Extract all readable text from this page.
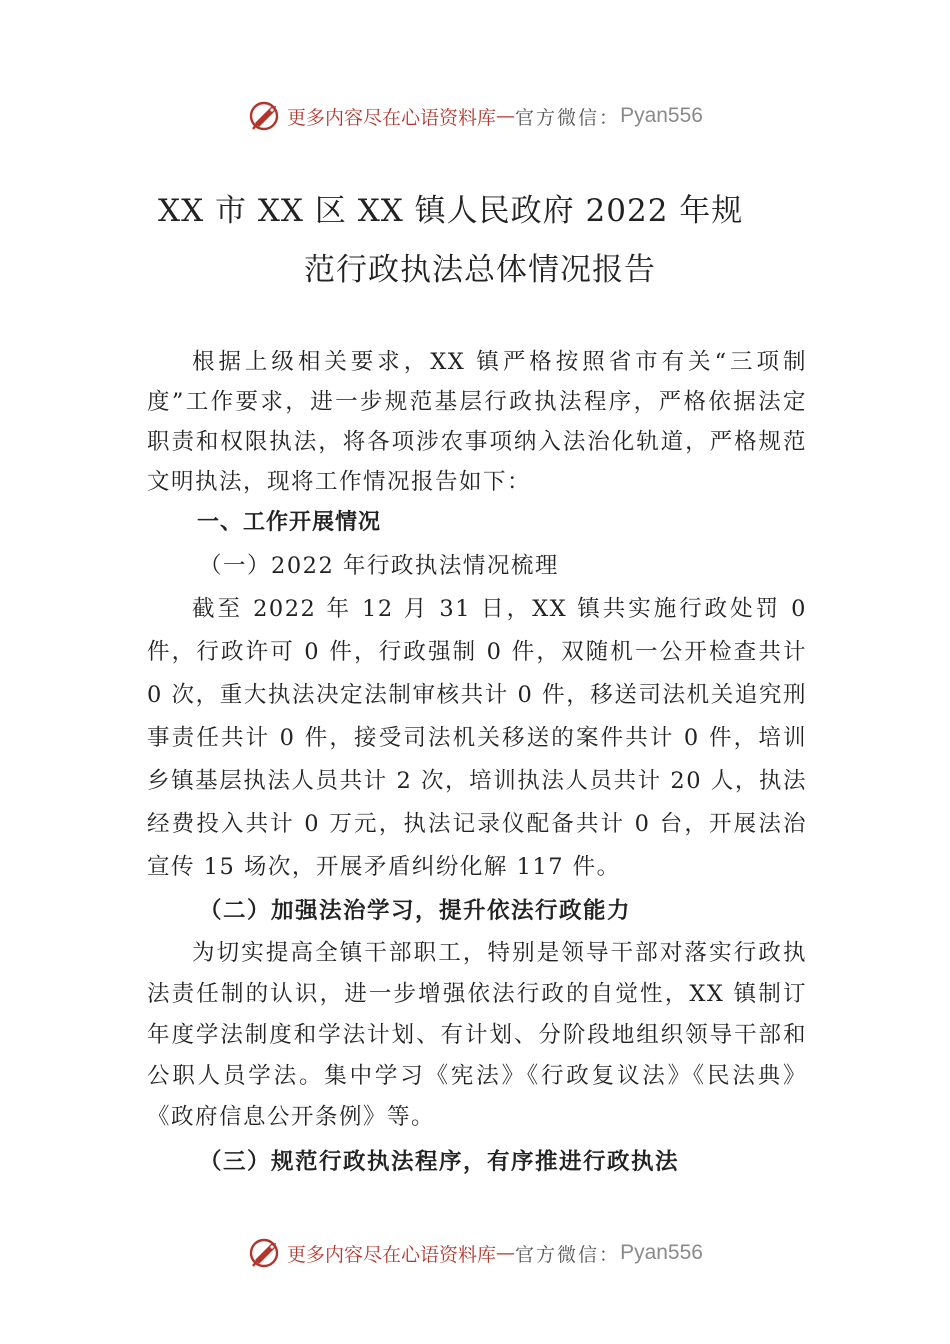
更多内容尽在心语资料库 — 官方微信： Pyan556
XX 市 XX 区 XX 镇人民政府 2022 年规
范行政执法总体情况报告

根据上级相关要求，XX 镇严格按照省市有关“三项制度”工作要求，进一步规范基层行政执法程序，严格依据法定职责和权限执法，将各项涉农事项纳入法治化轨道，严格规范文明执法，现将工作情况报告如下：

一、工作开展情况
（一）2022 年行政执法情况梳理

截至 2022 年 12 月 31 日，XX 镇共实施行政处罚 0 件，行政许可 0 件，行政强制 0 件，双随机一公开检查共计 0 次，重大执法决定法制审核共计 0 件，移送司法机关追究刑事责任共计 0 件，接受司法机关移送的案件共计 0 件，培训乡镇基层执法人员共计 2 次，培训执法人员共计 20 人，执法经费投入共计 0 万元，执法记录仪配备共计 0 台，开展法治宣传 15 场次，开展矛盾纠纷化解 117 件。

（二）加强法治学习，提升依法行政能力

为切实提高全镇干部职工，特别是领导干部对落实行政执法责任制的认识，进一步增强依法行政的自觉性，XX 镇制订年度学法制度和学法计划、有计划、分阶段地组织领导干部和公职人员学法。集中学习《宪法》《行政复议法》《民法典》《政府信息公开条例》等。

（三）规范行政执法程序，有序推进行政执法
更多内容尽在心语资料库 — 官方微信： Pyan556
